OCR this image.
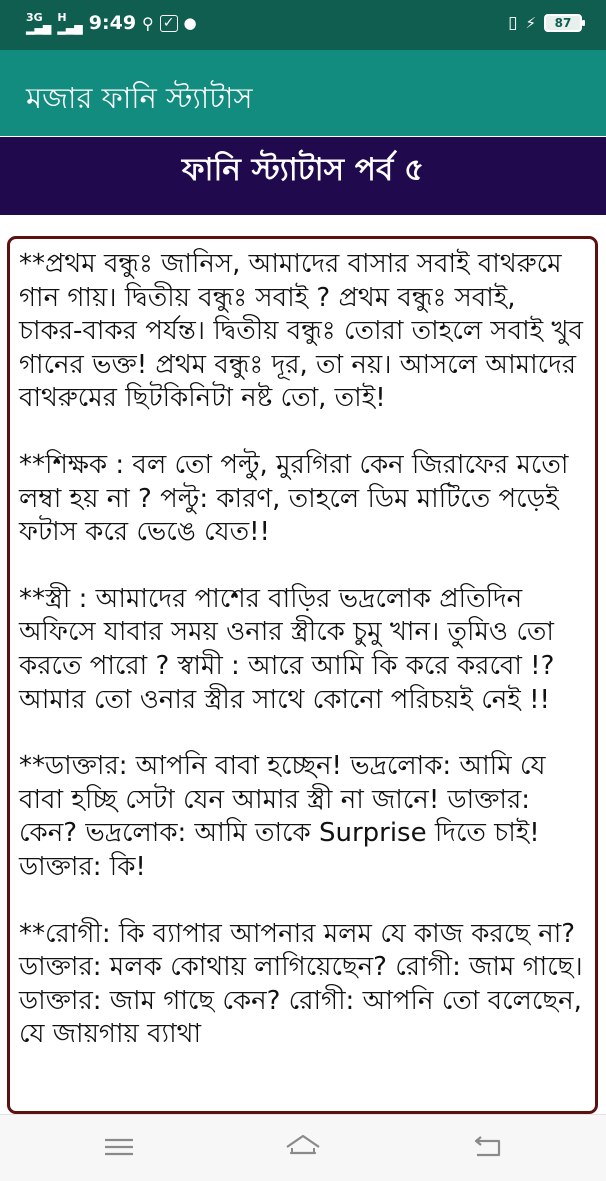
3G
▂▄▆
H
▂▄▆ 9:49 ⚲ ✓ ●	▯ ⚡	87
মজার ফানি স্ট্যাটাস
ফানি স্ট্যাটাস পর্ব ৫

**প্রথম বন্ধুঃ জানিস, আমাদের বাসার সবাই বাথরুমে গান গায়। দ্বিতীয় বন্ধুঃ সবাই ? প্রথম বন্ধুঃ সবাই, চাকর-বাকর পর্যন্ত। দ্বিতীয় বন্ধুঃ তোরা তাহলে সবাই খুব গানের ভক্ত! প্রথম বন্ধুঃ দূর, তা নয়। আসলে আমাদের বাথরুমের ছিটকিনিটা নষ্ট তো, তাই!

**শিক্ষক : বল তো পল্টু, মুরগিরা কেন জিরাফের মতো লম্বা হয় না ? পল্টু: কারণ, তাহলে ডিম মাটিতে পড়েই ফটাস করে ভেঙে যেত!!

**স্ত্রী : আমাদের পাশের বাড়ির ভদ্রলোক প্রতিদিন অফিসে যাবার সময় ওনার স্ত্রীকে চুমু খান। তুমিও তো করতে পারো ? স্বামী : আরে আমি কি করে করবো !? আমার তো ওনার স্ত্রীর সাথে কোনো পরিচয়ই নেই !!

**ডাক্তার: আপনি বাবা হচ্ছেন! ভদ্রলোক: আমি যে বাবা হচ্ছি সেটা যেন আমার স্ত্রী না জানে! ডাক্তার: কেন? ভদ্রলোক: আমি তাকে Surprise দিতে চাই! ডাক্তার: কি!

**রোগী: কি ব্যাপার আপনার মলম যে কাজ করছে না? ডাক্তার: মলক কোথায় লাগিয়েছেন? রোগী: জাম গাছে। ডাক্তার: জাম গাছে কেন? রোগী: আপনি তো বলেছেন, যে জায়গায় ব্যাথা
